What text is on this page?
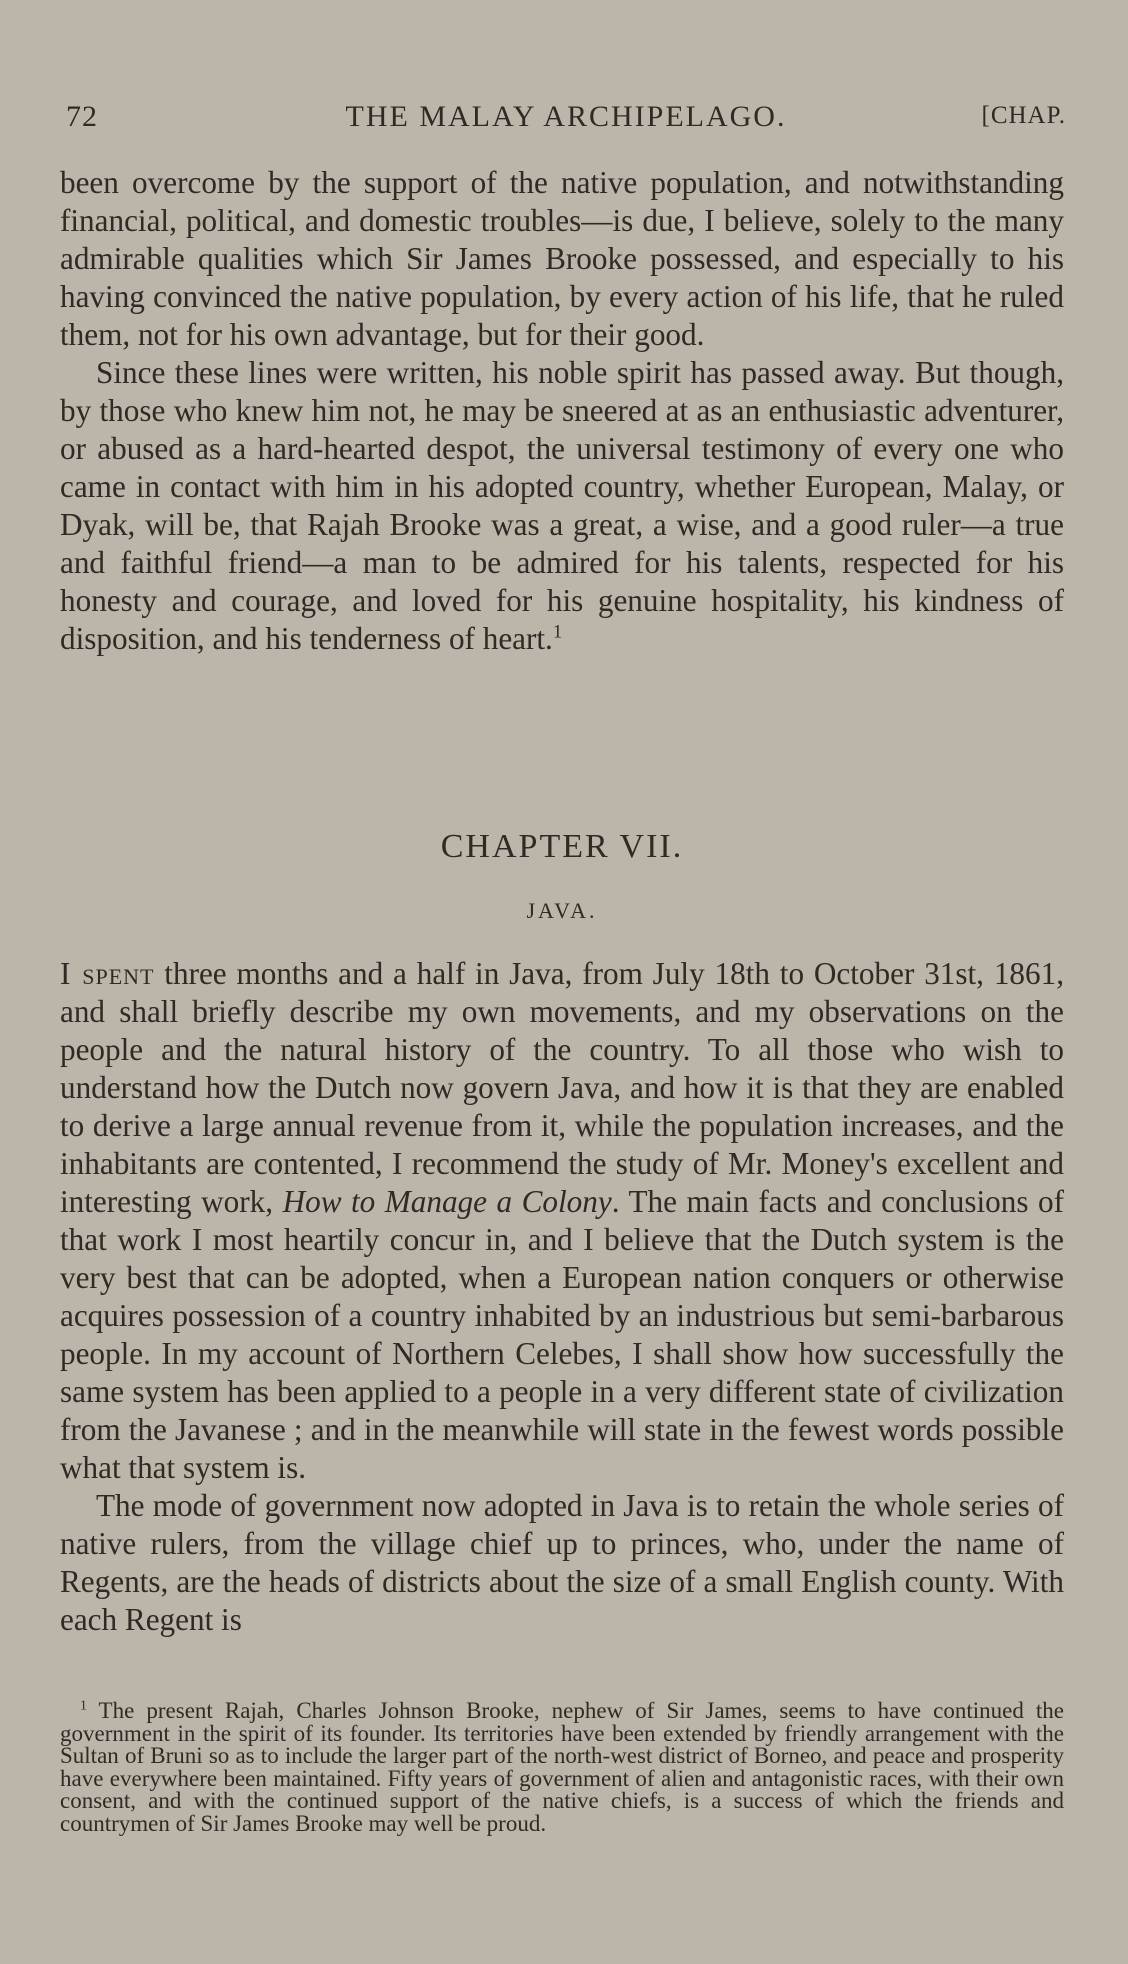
72	THE MALAY ARCHIPELAGO.	[CHAP.

been overcome by the support of the native population, and notwithstanding financial, political, and domestic troubles—is due, I believe, solely to the many admirable qualities which Sir James Brooke possessed, and especially to his having convinced the native population, by every action of his life, that he ruled them, not for his own advantage, but for their good.

Since these lines were written, his noble spirit has passed away. But though, by those who knew him not, he may be sneered at as an enthusiastic adventurer, or abused as a hard-hearted despot, the universal testimony of every one who came in contact with him in his adopted country, whether European, Malay, or Dyak, will be, that Rajah Brooke was a great, a wise, and a good ruler—a true and faithful friend—a man to be admired for his talents, respected for his honesty and courage, and loved for his genuine hospitality, his kindness of disposition, and his tenderness of heart.$^1$

CHAPTER VII.
JAVA.

I spent three months and a half in Java, from July 18th to October 31st, 1861, and shall briefly describe my own movements, and my observations on the people and the natural history of the country. To all those who wish to understand how the Dutch now govern Java, and how it is that they are enabled to derive a large annual revenue from it, while the population increases, and the inhabitants are contented, I recommend the study of Mr. Money's excellent and interesting work, How to Manage a Colony. The main facts and conclusions of that work I most heartily concur in, and I believe that the Dutch system is the very best that can be adopted, when a European nation conquers or otherwise acquires possession of a country inhabited by an industrious but semi-barbarous people. In my account of Northern Celebes, I shall show how successfully the same system has been applied to a people in a very different state of civilization from the Javanese ; and in the meanwhile will state in the fewest words possible what that system is.

The mode of government now adopted in Java is to retain the whole series of native rulers, from the village chief up to princes, who, under the name of Regents, are the heads of districts about the size of a small English county. With each Regent is

$^1$ The present Rajah, Charles Johnson Brooke, nephew of Sir James, seems to have continued the government in the spirit of its founder. Its territories have been extended by friendly arrangement with the Sultan of Bruni so as to include the larger part of the north-west district of Borneo, and peace and prosperity have everywhere been maintained. Fifty years of government of alien and antagonistic races, with their own consent, and with the continued support of the native chiefs, is a success of which the friends and countrymen of Sir James Brooke may well be proud.
